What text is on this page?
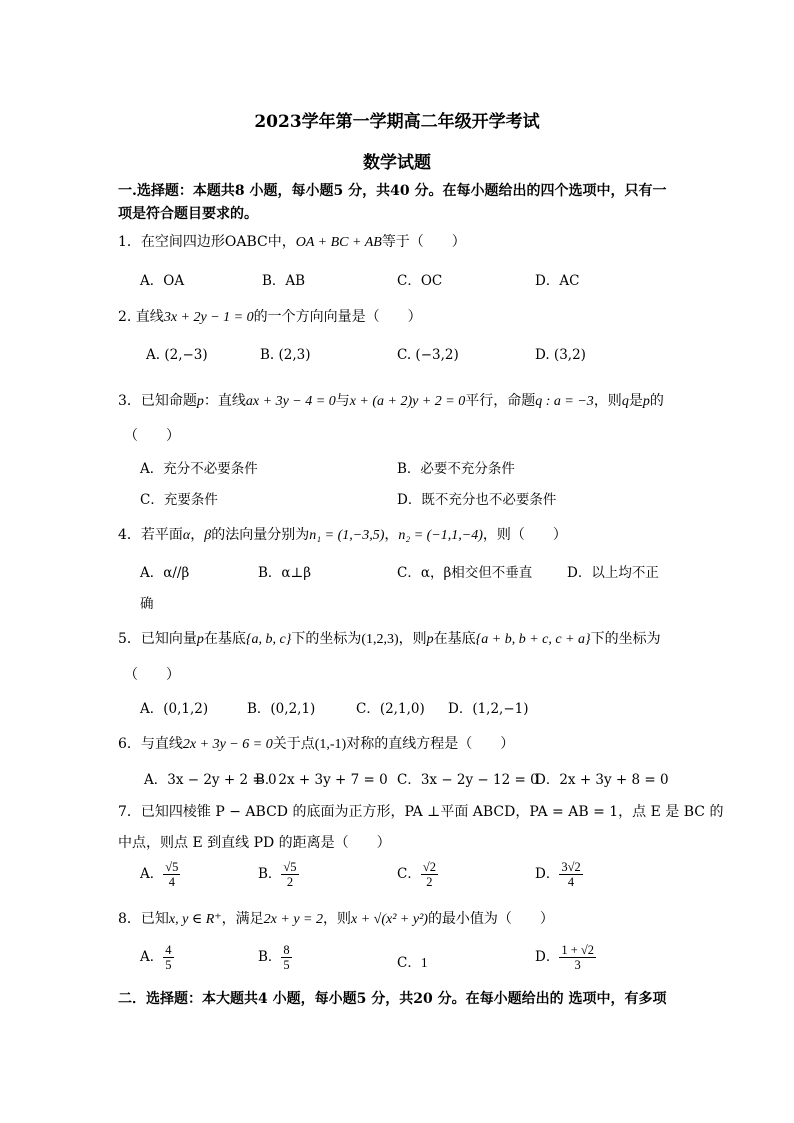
2023学年第一学期高二年级开学考试
数学试题
一.选择题：本题共8 小题，每小题5 分，共40 分。在每小题给出的四个选项中，只有一
项是符合题目要求的。
1．在空间四边形OABC中，OA + BC + AB等于（　　）
A．OA	B．AB	C．OC	D．AC
2. 直线3x + 2y − 1 = 0的一个方向向量是（　　）
A. (2,−3)	B. (2,3)	C. (−3,2)	D. (3,2)
3．已知命题p：直线ax + 3y − 4 = 0与x + (a + 2)y + 2 = 0平行，命题q : a = −3，则q是p的
（　　）
A．充分不必要条件	B．必要不充分条件
C．充要条件	D．既不充分也不必要条件
4．若平面α，β的法向量分别为n₁ = (1,−3,5)，n₂ = (−1,1,−4)，则（　　）
A．α//β	B．α⊥β	C．α，β相交但不垂直	D．以上均不正
确
5．已知向量p在基底{a, b, c}下的坐标为(1,2,3)，则p在基底{a + b, b + c, c + a}下的坐标为
（　　）
A．(0,1,2)	B．(0,2,1)	C．(2,1,0) D．(1,2,−1)
6．与直线2x + 3y − 6 = 0关于点(1,-1)对称的直线方程是（　　）
A．3x − 2y + 2 = 0
B．2x + 3y + 7 = 0 C．3x − 2y − 12 = 0
D．2x + 3y + 8 = 0
7．已知四棱锥 P − ABCD 的底面为正方形，PA ⊥平面 ABCD，PA = AB = 1，点 E 是 BC 的
中点，则点 E 到直线 PD 的距离是（　　）
A． $\frac{√5}{4}$	B． $\frac{√5}{2}$	C． $\frac{√2}{2}$	D． $\frac{3√2}{4}$
8．已知x, y ∈ R⁺，满足2x + y = 2，则x + √(x² + y²)的最小值为（　　）
A． $\frac{4}{5}$	B． $\frac{8}{5}$	C．1	D． $\frac{1 + √2}{3}$
二．选择题：本大题共4 小题，每小题5 分，共20 分。在每小题给出的 选项中，有多项
